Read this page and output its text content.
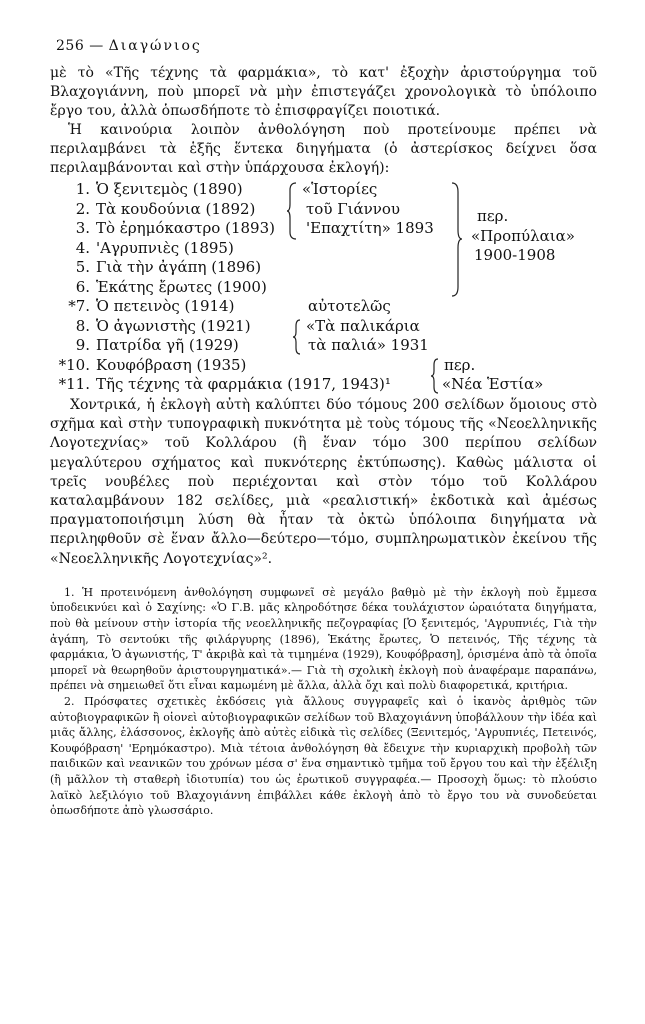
256 — Διαγώνιος

μὲ τὸ «Τῆς τέχνης τὰ φαρμάκια», τὸ κατ' ἐξοχὴν ἀριστούργημα τοῦ Βλαχογιάννη, ποὺ μπορεῖ νὰ μὴν ἐπιστεγάζει χρονολογικὰ τὸ ὑπόλοιπο ἔργο του, ἀλλὰ ὁπωσδήποτε τὸ ἐπισφραγίζει ποιοτικά.

Ἡ καινούρια λοιπὸν ἀνθολόγηση ποὺ προτείνουμε πρέπει νὰ περιλαμβάνει τὰ ἑξῆς ἕντεκα διηγήματα (ὁ ἀστερίσκος δείχνει ὅσα περιλαμβάνονται καὶ στὴν ὑπάρχουσα ἐκλογή):

1. Ὁ ξενιτεμὸς (1890)
2. Τὰ κουδούνια (1892)
3. Τὸ ἐρημόκαστρο (1893)
4. 'Αγρυπνιὲς (1895)
5. Γιὰ τὴν ἀγάπη (1896)
6. Ἑκάτης ἔρωτες (1900)
*7. Ὁ πετεινὸς (1914)
8. Ὁ ἀγωνιστὴς (1921)
9. Πατρίδα γῆ (1929)
*10. Κουφόβραση (1935)
*11. Τῆς τέχνης τὰ φαρμάκια (1917, 1943)¹
«Ἱστορίες
τοῦ Γιάννου
'Επαχτίτη» 1893
περ.
«Προπύλαια»
1900-1908
αὐτοτελῶς
«Τὰ παλικάρια
τὰ παλιά» 1931
περ.
«Νέα Ἑστία»

Χοντρικά, ἡ ἐκλογὴ αὐτὴ καλύπτει δύο τόμους 200 σελίδων ὅμοιους στὸ σχῆμα καὶ στὴν τυπογραφικὴ πυκνότητα μὲ τοὺς τόμους τῆς «Νεοελληνικῆς Λογοτεχνίας» τοῦ Κολλάρου (ἢ ἕναν τόμο 300 περίπου σελίδων μεγαλύτερου σχήματος καὶ πυκνότερης ἐκτύπωσης). Καθὼς μάλιστα οἱ τρεῖς νουβέλες ποὺ περιέχονται καὶ στὸν τόμο τοῦ Κολλάρου καταλαμβάνουν 182 σελίδες, μιὰ «ρεαλιστική» ἐκδοτικὰ καὶ ἀμέσως πραγματοποιήσιμη λύση θὰ ἦταν τὰ ὀκτὼ ὑπόλοιπα διηγήματα νὰ περιληφθοῦν σὲ ἕναν ἄλλο—δεύτερο—τόμο, συμπληρωματικὸν ἐκείνου τῆς «Νεοελληνικῆς Λογοτεχνίας»².

1. Ἡ προτεινόμενη ἀνθολόγηση συμφωνεῖ σὲ μεγάλο βαθμὸ μὲ τὴν ἐκλογὴ ποὺ ἔμμεσα ὑποδεικνύει καὶ ὁ Σαχίνης: «Ὁ Γ.Β. μᾶς κληροδότησε δέκα τουλάχιστον ὡραιότατα διηγήματα, ποὺ θὰ μείνουν στὴν ἱστορία τῆς νεοελληνικῆς πεζογραφίας [Ὁ ξενιτεμός, 'Αγρυπνιές, Γιὰ τὴν ἀγάπη, Τὸ σεντούκι τῆς φιλάργυρης (1896), Ἑκάτης ἔρωτες, Ὁ πετεινός, Τῆς τέχνης τὰ φαρμάκια, Ὁ ἀγωνιστής, Τ' ἀκριβὰ καὶ τὰ τιμημένα (1929), Κουφόβραση], ὁρισμένα ἀπὸ τὰ ὁποῖα μπορεῖ νὰ θεωρηθοῦν ἀριστουργηματικά».— Γιὰ τὴ σχολικὴ ἐκλογὴ ποὺ ἀναφέραμε παραπάνω, πρέπει νὰ σημειωθεῖ ὅτι εἶναι καμωμένη μὲ ἄλλα, ἀλλὰ ὄχι καὶ πολὺ διαφορετικά, κριτήρια.

2. Πρόσφατες σχετικὲς ἐκδόσεις γιὰ ἄλλους συγγραφεῖς καὶ ὁ ἱκανὸς ἀριθμὸς τῶν αὐτοβιογραφικῶν ἢ οἱονεὶ αὐτοβιογραφικῶν σελίδων τοῦ Βλαχογιάννη ὑποβάλλουν τὴν ἰδέα καὶ μιᾶς ἄλλης, ἐλάσσονος, ἐκλογῆς ἀπὸ αὐτὲς εἰδικὰ τὶς σελίδες (Ξενιτεμός, 'Αγρυπνιές, Πετεινός, Κουφόβραση' 'Ερημόκαστρο). Μιὰ τέτοια ἀνθολόγηση θὰ ἔδειχνε τὴν κυριαρχικὴ προβολὴ τῶν παιδικῶν καὶ νεανικῶν του χρόνων μέσα σ' ἕνα σημαντικὸ τμῆμα τοῦ ἔργου του καὶ τὴν ἐξέλιξη (ἢ μᾶλλον τὴ σταθερὴ ἰδιοτυπία) του ὡς ἐρωτικοῦ συγγραφέα.— Προσοχὴ ὅμως: τὸ πλούσιο λαϊκὸ λεξιλόγιο τοῦ Βλαχογιάννη ἐπιβάλλει κάθε ἐκλογὴ ἀπὸ τὸ ἔργο του νὰ συνοδεύεται ὁπωσδήποτε ἀπὸ γλωσσάριο.
